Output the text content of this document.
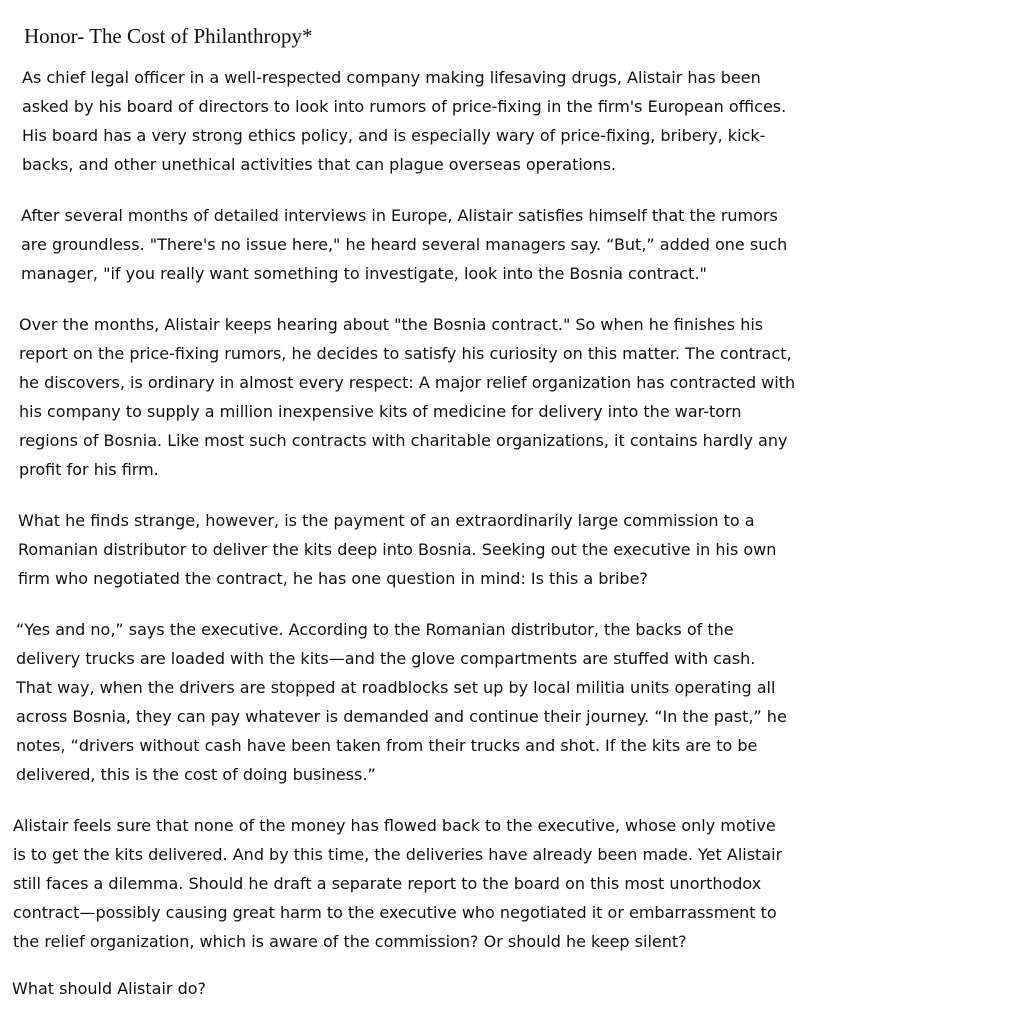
Honor- The Cost of Philanthropy*

As chief legal officer in a well-respected company making lifesaving drugs, Alistair has been
asked by his board of directors to look into rumors of price-fixing in the firm's European offices.
His board has a very strong ethics policy, and is especially wary of price-fixing, bribery, kick-
backs, and other unethical activities that can plague overseas operations.

After several months of detailed interviews in Europe, Alistair satisfies himself that the rumors
are groundless. "There's no issue here," he heard several managers say. “But,” added one such
manager, "if you really want something to investigate, look into the Bosnia contract."

Over the months, Alistair keeps hearing about "the Bosnia contract." So when he finishes his
report on the price-fixing rumors, he decides to satisfy his curiosity on this matter. The contract,
he discovers, is ordinary in almost every respect: A major relief organization has contracted with
his company to supply a million inexpensive kits of medicine for delivery into the war-torn
regions of Bosnia. Like most such contracts with charitable organizations, it contains hardly any
profit for his firm.

What he finds strange, however, is the payment of an extraordinarily large commission to a
Romanian distributor to deliver the kits deep into Bosnia. Seeking out the executive in his own
firm who negotiated the contract, he has one question in mind: Is this a bribe?

“Yes and no,” says the executive. According to the Romanian distributor, the backs of the
delivery trucks are loaded with the kits—and the glove compartments are stuffed with cash.
That way, when the drivers are stopped at roadblocks set up by local militia units operating all
across Bosnia, they can pay whatever is demanded and continue their journey. “In the past,” he
notes, “drivers without cash have been taken from their trucks and shot. If the kits are to be
delivered, this is the cost of doing business.”

Alistair feels sure that none of the money has flowed back to the executive, whose only motive
is to get the kits delivered. And by this time, the deliveries have already been made. Yet Alistair
still faces a dilemma. Should he draft a separate report to the board on this most unorthodox
contract—possibly causing great harm to the executive who negotiated it or embarrassment to
the relief organization, which is aware of the commission? Or should he keep silent?

What should Alistair do?
